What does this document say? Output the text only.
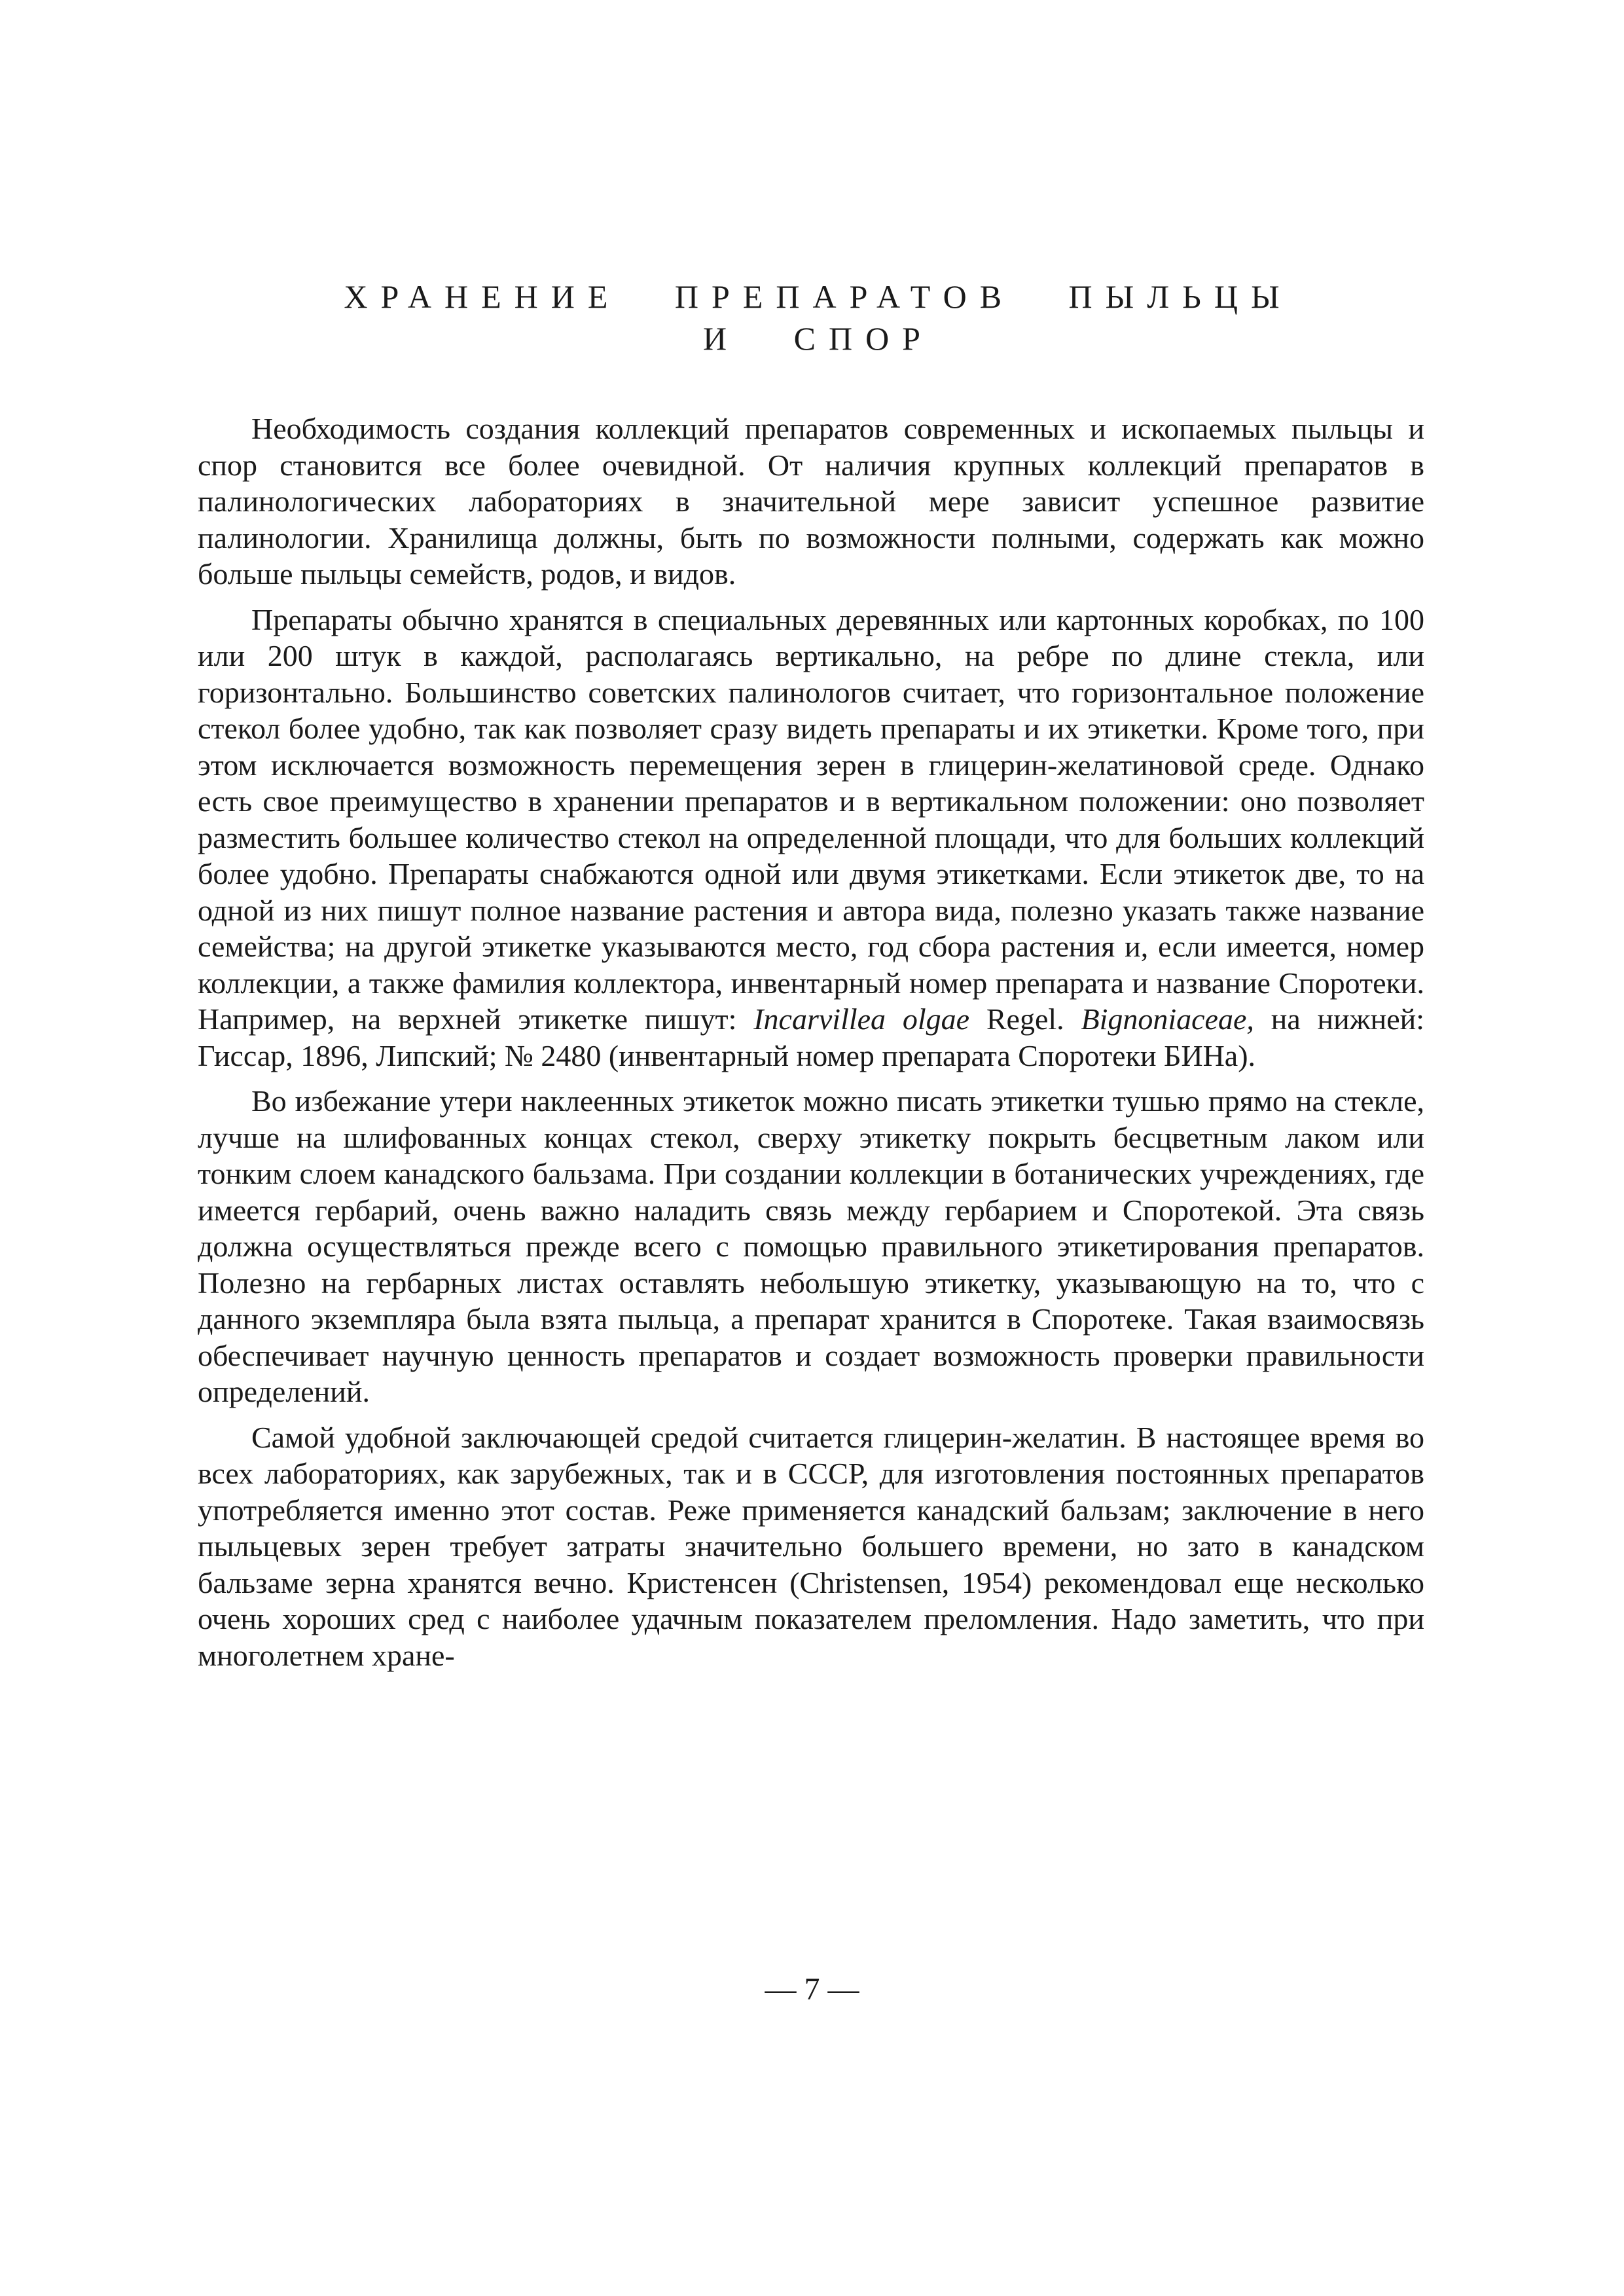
ХРАНЕНИЕ ПРЕПАРАТОВ ПЫЛЬЦЫ
И СПОР

Необходимость создания коллекций препаратов современных и ископаемых пыльцы и спор становится все более очевидной. От наличия крупных коллекций препаратов в палинологических лабораториях в значительной мере зависит успешное развитие палинологии. Хранилища должны, быть по возможности полными, содержать как можно больше пыльцы семейств, родов, и видов.

Препараты обычно хранятся в специальных деревянных или картонных коробках, по 100 или 200 штук в каждой, располагаясь вертикально, на ребре по длине стекла, или горизонтально. Большинство советских палинологов считает, что горизонтальное положение стекол более удобно, так как позволяет сразу видеть препараты и их этикетки. Кроме того, при этом исключается возможность перемещения зерен в глицерин-желатиновой среде. Однако есть свое преимущество в хранении препаратов и в вертикальном положении: оно позволяет разместить большее количество стекол на определенной площади, что для больших коллекций более удобно. Препараты снабжаются одной или двумя этикетками. Если этикеток две, то на одной из них пишут полное название растения и автора вида, полезно указать также название семейства; на другой этикетке указываются место, год сбора растения и, если имеется, номер коллекции, а также фамилия коллектора, инвентарный номер препарата и название Споротеки. Например, на верхней этикетке пишут: Incarvillea olgae Regel. Bignoniaceae, на нижней: Гиссар, 1896, Липский; № 2480 (инвентарный номер препарата Споротеки БИНа).

Во избежание утери наклеенных этикеток можно писать этикетки тушью прямо на стекле, лучше на шлифованных концах стекол, сверху этикетку покрыть бесцветным лаком или тонким слоем канадского бальзама. При создании коллекции в ботанических учреждениях, где имеется гербарий, очень важно наладить связь между гербарием и Споротекой. Эта связь должна осуществляться прежде всего с помощью правильного этикетирования препаратов. Полезно на гербарных листах оставлять небольшую этикетку, указывающую на то, что с данного экземпляра была взята пыльца, а препарат хранится в Споротеке. Такая взаимосвязь обеспечивает научную ценность препаратов и создает возможность проверки правильности определений.

Самой удобной заключающей средой считается глицерин-желатин. В настоящее время во всех лабораториях, как зарубежных, так и в СССР, для изготовления постоянных препаратов употребляется именно этот состав. Реже применяется канадский бальзам; заключение в него пыльцевых зерен требует затраты значительно большего времени, но зато в канадском бальзаме зерна хранятся вечно. Кристенсен (Christensen, 1954) рекомендовал еще несколько очень хороших сред с наиболее удачным показателем преломления. Надо заметить, что при многолетнем хране-

— 7 —
